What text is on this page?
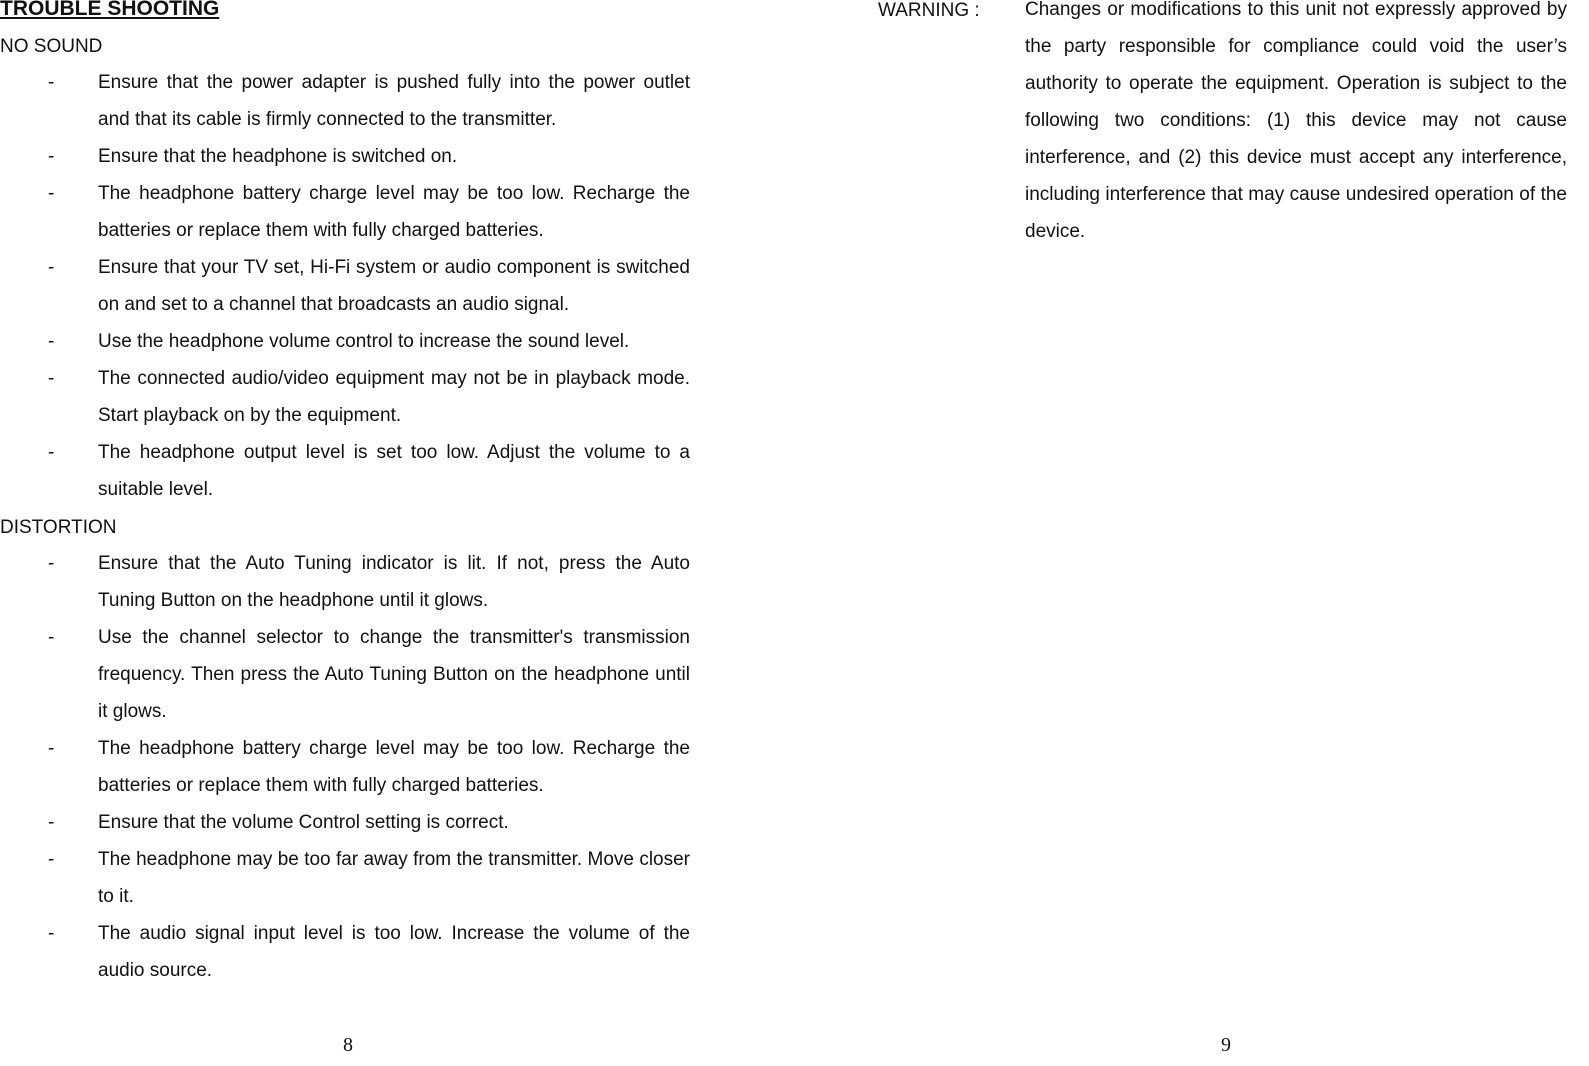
TROUBLE SHOOTING
NO SOUND
- Ensure that the power adapter is pushed fully into the power outlet and that its cable is firmly connected to the transmitter.
- Ensure that the headphone is switched on.
- The headphone battery charge level may be too low. Recharge the batteries or replace them with fully charged batteries.
- Ensure that your TV set, Hi-Fi system or audio component is switched on and set to a channel that broadcasts an audio signal.
- Use the headphone volume control to increase the sound level.
- The connected audio/video equipment may not be in playback mode. Start playback on by the equipment.
- The headphone output level is set too low. Adjust the volume to a suitable level.
DISTORTION
- Ensure that the Auto Tuning indicator is lit. If not, press the Auto Tuning Button on the headphone until it glows.
- Use the channel selector to change the transmitter's transmission frequency. Then press the Auto Tuning Button on the headphone until it glows.
- The headphone battery charge level may be too low. Recharge the batteries or replace them with fully charged batteries.
- Ensure that the volume Control setting is correct.
- The headphone may be too far away from the transmitter. Move closer to it.
- The audio signal input level is too low. Increase the volume of the audio source.
8
WARNING : Changes or modifications to this unit not expressly approved by the party responsible for compliance could void the user’s authority to operate the equipment. Operation is subject to the following two conditions: (1) this device may not cause interference, and (2) this device must accept any interference, including interference that may cause undesired operation of the device.
9
